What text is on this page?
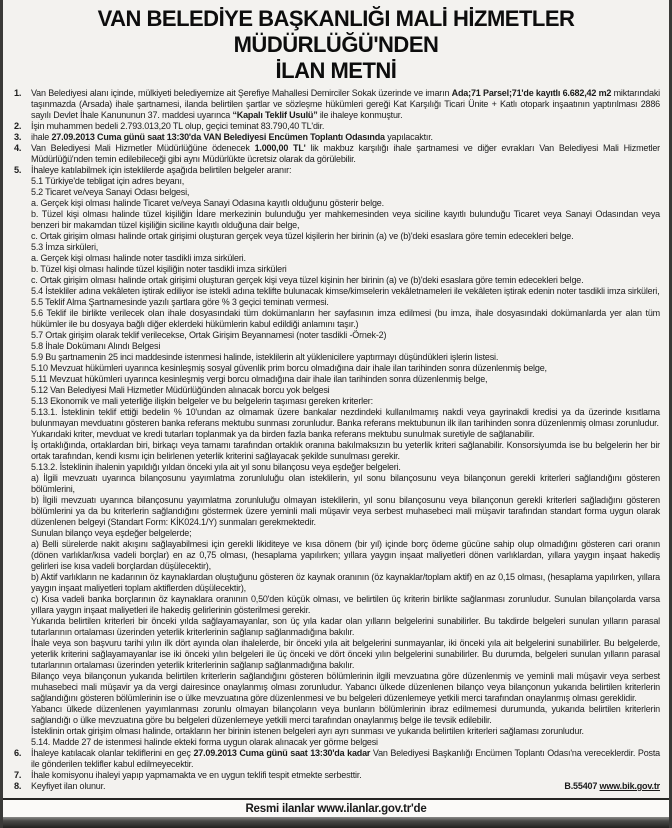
VAN BELEDİYE BAŞKANLIĞI MALİ HİZMETLER MÜDÜRLÜĞÜ'NDEN
İLAN METNİ
1.	Van Belediyesi alanı içinde, mülkiyeti belediyemize ait Şerefiye Mahallesi Demirciler Sokak üzerinde ve imarın Ada;71 Parsel;71'de kayıtlı 6.682,42 m2 miktarındaki taşınmazda (Arsada) ihale şartnamesi, ilanda belirtilen şartlar ve sözleşme hükümleri gereği Kat Karşılığı Ticari Ünite + Katlı otopark inşaatının yaptırılması 2886 sayılı Devlet İhale Kanununun 37. maddesi uyarınca “Kapalı Teklif Usulü” ile ihaleye konmuştur.
2.	İşin muhammen bedeli 2.793.013,20 TL olup, geçici teminat 83.790,40 TL'dir.
3.	ihale 27.09.2013 Cuma günü saat 13:30'da VAN Belediyesi Encümen Toplantı Odasında yapılacaktır.
4.	Van Belediyesi Mali Hizmetler Müdürlüğüne ödenecek 1.000,00 TL' lik makbuz karşılığı ihale şartnamesi ve diğer evrakları Van Belediyesi Mali Hizmetler Müdürlüğü'nden temin edilebileceği gibi aynı Müdürlükte ücretsiz olarak da görülebilir.
5.	İhaleye katılabilmek için isteklilerde aşağıda belirtilen belgeler aranır:
5.1 Türkiye'de tebligat için adres beyanı,
5.2 Ticaret ve/veya Sanayi Odası belgesi,
a. Gerçek kişi olması halinde Ticaret ve/veya Sanayi Odasına kayıtlı olduğunu gösterir belge.
b. Tüzel kişi olması halinde tüzel kişiliğin İdare merkezinin bulunduğu yer mahkemesinden veya siciline kayıtlı bulunduğu Ticaret veya Sanayi Odasından veya benzeri bir makamdan tüzel kişiliğin siciline kayıtlı olduğuna dair belge,
c. Ortak girişim olması halinde ortak girişimi oluşturan gerçek veya tüzel kişilerin her birinin (a) ve (b)'deki esaslara göre temin edecekleri belge.
5.3 İmza sirküleri,
a. Gerçek kişi olması halinde noter tasdikli imza sirküleri.
b. Tüzel kişi olması halinde tüzel kişiliğin noter tasdikli imza sirküleri
c. Ortak girişim olması halinde ortak girişimi oluşturan gerçek kişi veya tüzel kişinin her birinin (a) ve (b)'deki esaslara göre temin edecekleri belge.
5.4 İstekliler adına vekâleten iştirak ediliyor ise istekli adına teklifte bulunacak kimse/kimselerin vekâletnameleri ile vekâleten iştirak edenin noter tasdikli imza sirküleri,
5.5 Teklif Alma Şartnamesinde yazılı şartlara göre % 3 geçici teminatı vermesi.
5.6 Teklif ile birlikte verilecek olan ihale dosyasındaki tüm dokümanların her sayfasının imza edilmesi (bu imza, ihale dosyasındaki dokümanlarda yer alan tüm hükümler ile bu dosyaya bağlı diğer eklerdeki hükümlerin kabul edildiği anlamını taşır.)
5.7 Ortak girişim olarak teklif verilecekse, Ortak Girişim Beyannamesi (noter tasdikli -Örnek-2)
5.8 İhale Dokümanı Alındı Belgesi
5.9 Bu şartnamenin 25 inci maddesinde istenmesi halinde, isteklilerin alt yüklenicilere yaptırmayı düşündükleri işlerin listesi.
5.10 Mevzuat hükümleri uyarınca kesinleşmiş sosyal güvenlik prim borcu olmadığına dair ihale ilan tarihinden sonra düzenlenmiş belge,
5.11 Mevzuat hükümleri uyarınca kesinleşmiş vergi borcu olmadığına dair ihale ilan tarihinden sonra düzenlenmiş belge,
5.12 Van Belediyesi Mali Hizmetler Müdürlüğünden alınacak borcu yok belgesi
5.13 Ekonomik ve mali yeterliğe ilişkin belgeler ve bu belgelerin taşıması gereken kriterler:
5.13.1. İsteklinin teklif ettiği bedelin % 10'undan az olmamak üzere bankalar nezdindeki kullanılmamış nakdi veya gayrinakdi kredisi ya da üzerinde kısıtlama bulunmayan mevduatını gösteren banka referans mektubu sunması zorunludur. Banka referans mektubunun ilk ilan tarihinden sonra düzenlenmiş olması zorunludur.
Yukarıdaki kriter, mevduat ve kredi tutarları toplanmak ya da birden fazla banka referans mektubu sunulmak suretiyle de sağlanabilir.
İş ortaklığında, ortaklardan biri, birkaçı veya tamamı tarafından ortaklık oranına bakılmaksızın bu yeterlik kriteri sağlanabilir. Konsorsiyumda ise bu belgelerin her bir ortak tarafından, kendi kısmı için belirlenen yeterlik kriterini sağlayacak şekilde sunulması gerekir.
5.13.2. İsteklinin ihalenin yapıldığı yıldan önceki yıla ait yıl sonu bilançosu veya eşdeğer belgeleri.
a) İlgili mevzuatı uyarınca bilançosunu yayımlatma zorunluluğu olan isteklilerin, yıl sonu bilançosunu veya bilançonun gerekli kriterleri sağlandığını gösteren bölümlerini,
b) İlgili mevzuatı uyarınca bilançosunu yayımlatma zorunluluğu olmayan isteklilerin, yıl sonu bilançosunu veya bilançonun gerekli kriterleri sağladığını gösteren bölümlerini ya da bu kriterlerin sağlandığını göstermek üzere yeminli mali müşavir veya serbest muhasebeci mali müşavir tarafından standart forma uygun olarak düzenlenen belgeyi (Standart Form: KİK024.1/Y) sunmaları gerekmektedir.
Sunulan bilanço veya eşdeğer belgelerde;
a) Belli sürelerde nakit akışını sağlayabilmesi için gerekli likiditeye ve kısa dönem (bir yıl) içinde borç ödeme gücüne sahip olup olmadığını gösteren cari oranın (dönen varlıklar/kısa vadeli borçlar) en az 0,75 olması, (hesaplama yapılırken; yıllara yaygın inşaat maliyetleri dönen varlıklardan, yıllara yaygın inşaat hakediş gelirleri ise kısa vadeli borçlardan düşülecektir),
b) Aktif varlıkların ne kadarının öz kaynaklardan oluştuğunu gösteren öz kaynak oranının (öz kaynaklar/toplam aktif) en az 0,15 olması, (hesaplama yapılırken, yıllara yaygın inşaat maliyetleri toplam aktiflerden düşülecektir),
c) Kısa vadeli banka borçlarının öz kaynaklara oranının 0,50'den küçük olması, ve belirtilen üç kriterin birlikte sağlanması zorunludur. Sunulan bilançolarda varsa yıllara yaygın inşaat maliyetleri ile hakediş gelirlerinin gösterilmesi gerekir.
Yukarıda belirtilen kriterleri bir önceki yılda sağlayamayanlar, son üç yıla kadar olan yılların belgelerini sunabilirler. Bu takdirde belgeleri sunulan yılların parasal tutarlarının ortalaması üzerinden yeterlik kriterlerinin sağlanıp sağlanmadığına bakılır.
İhale veya son başvuru tarihi yılın ilk dört ayında olan ihalelerde, bir önceki yıla ait belgelerini sunmayanlar, iki önceki yıla ait belgelerini sunabilirler. Bu belgelerde, yeterlik kriterini sağlayamayanlar ise iki önceki yılın belgeleri ile üç önceki ve dört önceki yılın belgelerini sunabilirler. Bu durumda, belgeleri sunulan yılların parasal tutarlarının ortalaması üzerinden yeterlik kriterlerinin sağlanıp sağlanmadığına bakılır.
Bilanço veya bilançonun yukarıda belirtilen kriterlerin sağlandığını gösteren bölümlerinin ilgili mevzuatına göre düzenlenmiş ve yeminli mali müşavir veya serbest muhasebeci mali müşavir ya da vergi dairesince onaylanmış olması zorunludur. Yabancı ülkede düzenlenen bilanço veya bilançonun yukarıda belirtilen kriterlerin sağlandığını gösteren bölümlerinin ise o ülke mevzuatına göre düzenlenmesi ve bu belgeleri düzenlemeye yetkili merci tarafından onaylanmış olması gereklidir.
Yabancı ülkede düzenlenen yayımlanması zorunlu olmayan bilançoların veya bunların bölümlerinin ibraz edilmemesi durumunda, yukarıda belirtilen kriterlerin sağlandığı o ülke mevzuatına göre bu belgeleri düzenlemeye yetkili merci tarafından onaylanmış belge ile tevsik edilebilir.
İsteklinin ortak girişim olması halinde, ortakların her birinin istenen belgeleri ayrı ayrı sunması ve yukarıda belirtilen kriterleri sağlaması zorunludur.
5.14. Madde 27 de istenmesi halinde ekteki forma uygun olarak alınacak yer görme belgesi
6.	İhaleye katılacak olanlar tekliflerini en geç 27.09.2013 Cuma günü saat 13:30'da kadar Van Belediyesi Başkanlığı Encümen Toplantı Odası'na vereceklerdir. Posta ile gönderilen teklifler kabul edilmeyecektir.
7.	İhale komisyonu ihaleyi yapıp yapmamakta ve en uygun teklifi tespit etmekte serbesttir.
8.	Keyfiyet ilan olunur.	B.55407 www.bik.gov.tr
Resmi ilanlar www.ilanlar.gov.tr'de
